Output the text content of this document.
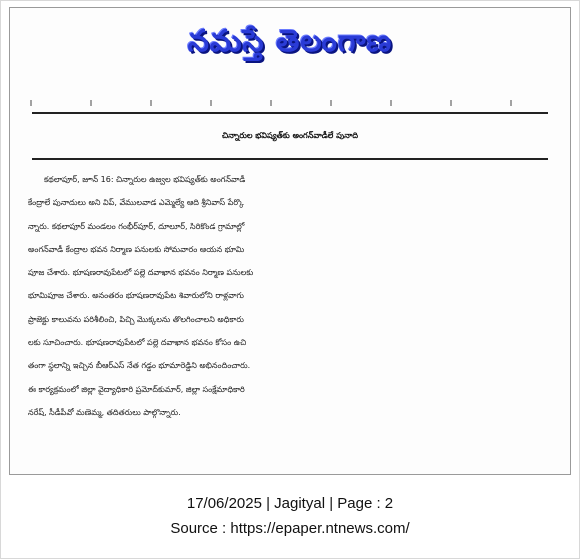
నమస్తే తెలంగాణ
చిన్నారుల భవిష్యత్‌కు అంగన్‌వాడీలే పునాది
కథలాపూర్‌, జూన్‌ 16: చిన్నారుల ఉజ్వల భవిష్యత్‌కు అంగన్‌వాడీ
కేంద్రాలే పునాదులు అని విప్‌, వేములవాడ ఎమ్మెల్యే ఆది శ్రీనివాస్‌ పేర్కొ
న్నారు. కథలాపూర్‌ మండలం గంభీర్‌పూర్‌, దూలూర్‌, సిరికొండ గ్రామాల్లో
అంగన్‌వాడీ కేంద్రాల భవన నిర్మాణ పనులకు సోమవారం ఆయన భూమి
పూజ చేశారు. భూషణరావుపేటలో పల్లె దవాఖాన భవనం నిర్మాణ పనులకు
భూమిపూజ చేశారు. అనంతరం భూషణరావుపేట శివారులోని రాళ్లవాగు
ప్రాజెక్టు కాలువను పరిశీలించి, పిచ్చి మొక్కలను తొలగించాలని అధికారు
లకు సూచించారు. భూషణరావుపేటలో పల్లె దవాఖాన భవనం కోసం ఉచి
తంగా స్థలాన్ని ఇచ్చిన బీఆర్‌ఎస్‌ నేత గడ్డం భూమారెడ్డిని అభినందించారు.
ఈ కార్యక్రమంలో జిల్లా వైద్యాధికారి ప్రమోద్‌కుమార్‌, జిల్లా సంక్షేమాధికారి
నరేష్‌, సీడీపీవో మణెమ్మ, తదితరులు పాల్గొన్నారు.
17/06/2025 | Jagityal | Page : 2
Source : https://epaper.ntnews.com/
